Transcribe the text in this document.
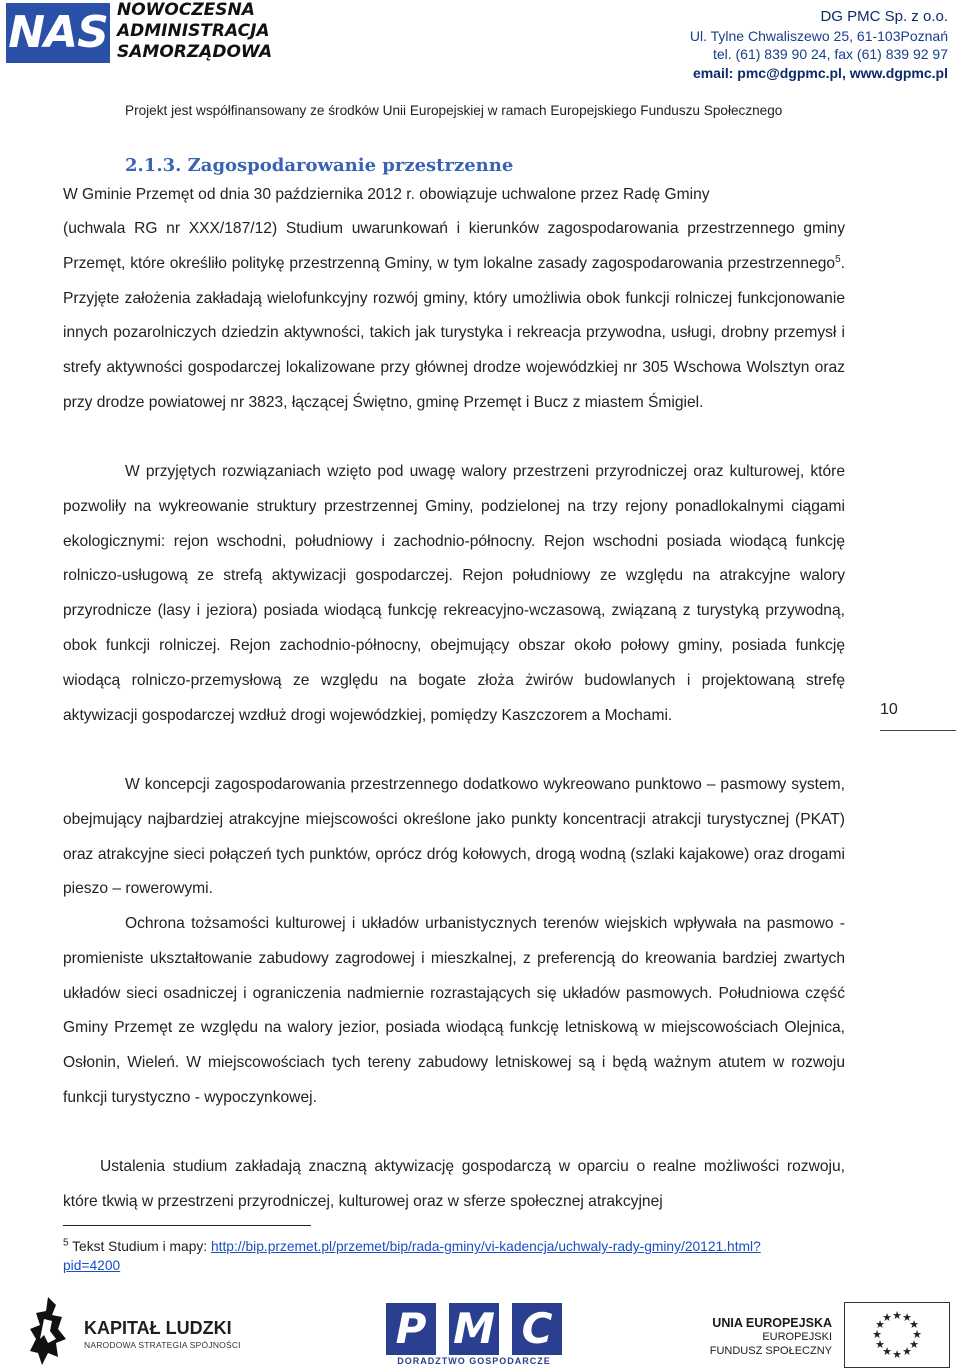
NAS NOWOCZESNA
ADMINISTRACJA
SAMORZĄDOWA
DG PMC Sp. z o.o.
Ul. Tylne Chwaliszewo 25, 61-103Poznań
tel. (61) 839 90 24, fax (61) 839 92 97
email: pmc@dgpmc.pl, www.dgpmc.pl
Projekt jest współfinansowany ze środków Unii Europejskiej w ramach Europejskiego Funduszu Społecznego
2.1.3. Zagospodarowanie przestrzenne
W Gminie Przemęt od dnia 30 października 2012 r. obowiązuje uchwalone przez Radę Gminy

(uchwala RG nr XXX/187/12) Studium uwarunkowań i kierunków zagospodarowania przestrzennego gminy Przemęt, które określiło politykę przestrzenną Gminy, w tym lokalne zasady zagospodarowania przestrzennego$^5$. Przyjęte założenia zakładają wielofunkcyjny rozwój gminy, który umożliwia obok funkcji rolniczej funkcjonowanie innych pozarolniczych dziedzin aktywności, takich jak turystyka i rekreacja przywodna, usługi, drobny przemysł i strefy aktywności gospodarczej lokalizowane przy głównej drodze wojewódzkiej nr 305 Wschowa Wolsztyn oraz przy drodze powiatowej nr 3823, łączącej Świętno, gminę Przemęt i Bucz z miastem Śmigiel.

W przyjętych rozwiązaniach wzięto pod uwagę walory przestrzeni przyrodniczej oraz kulturowej, które pozwoliły na wykreowanie struktury przestrzennej Gminy, podzielonej na trzy rejony ponadlokalnymi ciągami ekologicznymi: rejon wschodni, południowy i zachodnio-północny. Rejon wschodni posiada wiodącą funkcję rolniczo-usługową ze strefą aktywizacji gospodarczej. Rejon południowy ze względu na atrakcyjne walory przyrodnicze (lasy i jeziora) posiada wiodącą funkcję rekreacyjno-wczasową, związaną z turystyką przywodną, obok funkcji rolniczej. Rejon zachodnio-północny, obejmujący obszar około połowy gminy, posiada funkcję wiodącą rolniczo-przemysłową ze względu na bogate złoża żwirów budowlanych i projektowaną strefę aktywizacji gospodarczej wzdłuż drogi wojewódzkiej, pomiędzy Kaszczorem a Mochami.

W koncepcji zagospodarowania przestrzennego dodatkowo wykreowano punktowo – pasmowy system, obejmujący najbardziej atrakcyjne miejscowości określone jako punkty koncentracji atrakcji turystycznej (PKAT) oraz atrakcyjne sieci połączeń tych punktów, oprócz dróg kołowych, drogą wodną (szlaki kajakowe) oraz drogami pieszo – rowerowymi.

Ochrona tożsamości kulturowej i układów urbanistycznych terenów wiejskich wpływała na pasmowo - promieniste ukształtowanie zabudowy zagrodowej i mieszkalnej, z preferencją do kreowania bardziej zwartych układów sieci osadniczej i ograniczenia nadmiernie rozrastających się układów pasmowych. Południowa część Gminy Przemęt ze względu na walory jezior, posiada wiodącą funkcję letniskową w miejscowościach Olejnica, Osłonin, Wieleń. W miejscowościach tych tereny zabudowy letniskowej są i będą ważnym atutem w rozwoju funkcji turystyczno - wypoczynkowej.

Ustalenia studium zakładają znaczną aktywizację gospodarczą w oparciu o realne możliwości rozwoju, które tkwią w przestrzeni przyrodniczej, kulturowej oraz w sferze społecznej atrakcyjnej

10
$^5$ Tekst Studium i mapy: http://bip.przemet.pl/przemet/bip/rada-gminy/vi-kadencja/uchwaly-rady-gminy/20121.html?pid=4200
KAPITAŁ LUDZKI
NARODOWA STRATEGIA SPÓJNOŚCI	P M C
DORADZTWO GOSPODARCZE
UNIA EUROPEJSKA
EUROPEJSKI
FUNDUSZ SPOŁECZNY
★ ★
★
★
★
★
★
★
★
★
★
★
